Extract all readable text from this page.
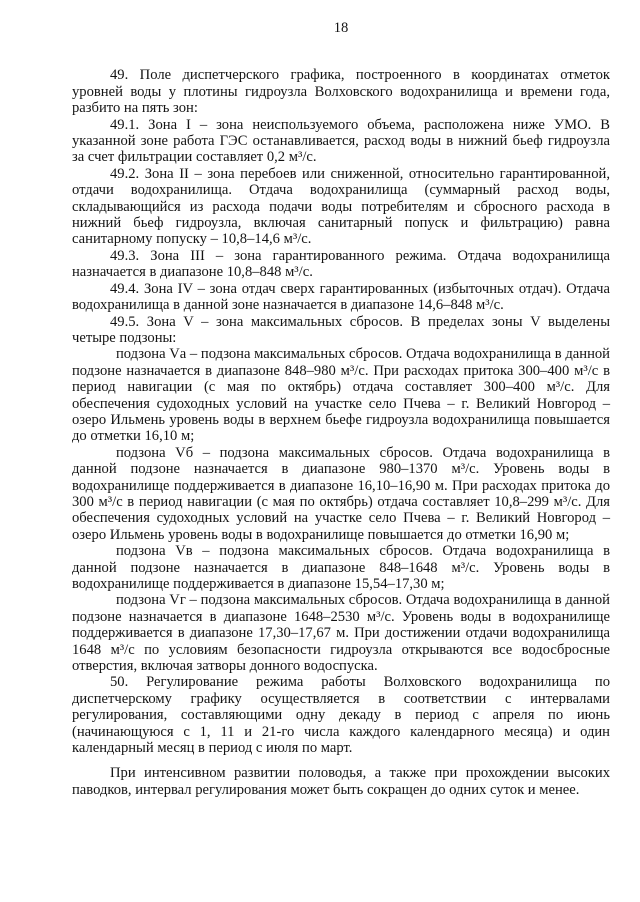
18

49. Поле диспетчерского графика, построенного в координатах отметок уровней воды у плотины гидроузла Волховского водохранилища и времени года, разбито на пять зон:

49.1. Зона I – зона неиспользуемого объема, расположена ниже УМО. В указанной зоне работа ГЭС останавливается, расход воды в нижний бьеф гидроузла за счет фильтрации составляет 0,2 м³/с.

49.2. Зона II – зона перебоев или сниженной, относительно гарантированной, отдачи водохранилища. Отдача водохранилища (суммарный расход воды, складывающийся из расхода подачи воды потребителям и сбросного расхода в нижний бьеф гидроузла, включая санитарный попуск и фильтрацию) равна санитарному попуску – 10,8–14,6 м³/с.

49.3. Зона III – зона гарантированного режима. Отдача водохранилища назначается в диапазоне 10,8–848 м³/с.

49.4. Зона IV – зона отдач сверх гарантированных (избыточных отдач). Отдача водохранилища в данной зоне назначается в диапазоне 14,6–848 м³/с.

49.5. Зона V – зона максимальных сбросов. В пределах зоны V выделены четыре подзоны:

подзона Vа – подзона максимальных сбросов. Отдача водохранилища в данной подзоне назначается в диапазоне 848–980 м³/с. При расходах притока 300–400 м³/с в период навигации (с мая по октябрь) отдача составляет 300–400 м³/с. Для обеспечения судоходных условий на участке село Пчева – г. Великий Новгород – озеро Ильмень уровень воды в верхнем бьефе гидроузла водохранилища повышается до отметки 16,10 м;

подзона Vб – подзона максимальных сбросов. Отдача водохранилища в данной подзоне назначается в диапазоне 980–1370 м³/с. Уровень воды в водохранилище поддерживается в диапазоне 16,10–16,90 м. При расходах притока до 300 м³/с в период навигации (с мая по октябрь) отдача составляет 10,8–299 м³/с. Для обеспечения судоходных условий на участке село Пчева – г. Великий Новгород – озеро Ильмень уровень воды в водохранилище повышается до отметки 16,90 м;

подзона Vв – подзона максимальных сбросов. Отдача водохранилища в данной подзоне назначается в диапазоне 848–1648 м³/с. Уровень воды в водохранилище поддерживается в диапазоне 15,54–17,30 м;

подзона Vг – подзона максимальных сбросов. Отдача водохранилища в данной подзоне назначается в диапазоне 1648–2530 м³/с. Уровень воды в водохранилище поддерживается в диапазоне 17,30–17,67 м. При достижении отдачи водохранилища 1648 м³/с по условиям безопасности гидроузла открываются все водосбросные отверстия, включая затворы донного водоспуска.

50. Регулирование режима работы Волховского водохранилища по диспетчерскому графику осуществляется в соответствии с интервалами регулирования, составляющими одну декаду в период с апреля по июнь (начинающуюся с 1, 11 и 21-го числа каждого календарного месяца) и один календарный месяц в период с июля по март.

При интенсивном развитии половодья, а также при прохождении высоких паводков, интервал регулирования может быть сокращен до одних суток и менее.
